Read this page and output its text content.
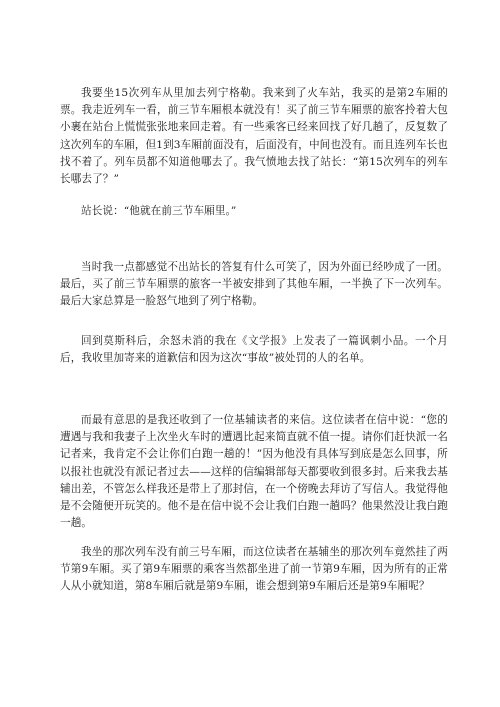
我要坐15次列车从里加去列宁格勒。我来到了火车站，我买的是第2车厢的票。我走近列车一看，前三节车厢根本就没有！买了前三节车厢票的旅客拎着大包小裹在站台上慌慌张张地来回走着。有一些乘客已经来回找了好几趟了，反复数了这次列车的车厢，但1到3车厢前面没有，后面没有，中间也没有。而且连列车长也找不着了。列车员都不知道他哪去了。我气愤地去找了站长：“第15次列车的列车长哪去了？”

站长说：“他就在前三节车厢里。”

当时我一点都感觉不出站长的答复有什么可笑了，因为外面已经吵成了一团。最后，买了前三节车厢票的旅客一半被安排到了其他车厢，一半换了下一次列车。最后大家总算是一脸怒气地到了列宁格勒。

回到莫斯科后，余怒未消的我在《文学报》上发表了一篇讽刺小品。一个月后，我收里加寄来的道歉信和因为这次“事故”被处罚的人的名单。

而最有意思的是我还收到了一位基辅读者的来信。这位读者在信中说：“您的遭遇与我和我妻子上次坐火车时的遭遇比起来简直就不值一提。请你们赶快派一名记者来，我肯定不会让你们白跑一趟的！”因为他没有具体写到底是怎么回事，所以报社也就没有派记者过去——这样的信编辑部每天都要收到很多封。后来我去基辅出差，不管怎么样我还是带上了那封信，在一个傍晚去拜访了写信人。我觉得他是不会随便开玩笑的。他不是在信中说不会让我们白跑一趟吗？他果然没让我白跑一趟。

我坐的那次列车没有前三号车厢，而这位读者在基辅坐的那次列车竟然挂了两节第9车厢。买了第9车厢票的乘客当然都坐进了前一节第9车厢，因为所有的正常人从小就知道，第8车厢后就是第9车厢，谁会想到第9车厢后还是第9车厢呢？
